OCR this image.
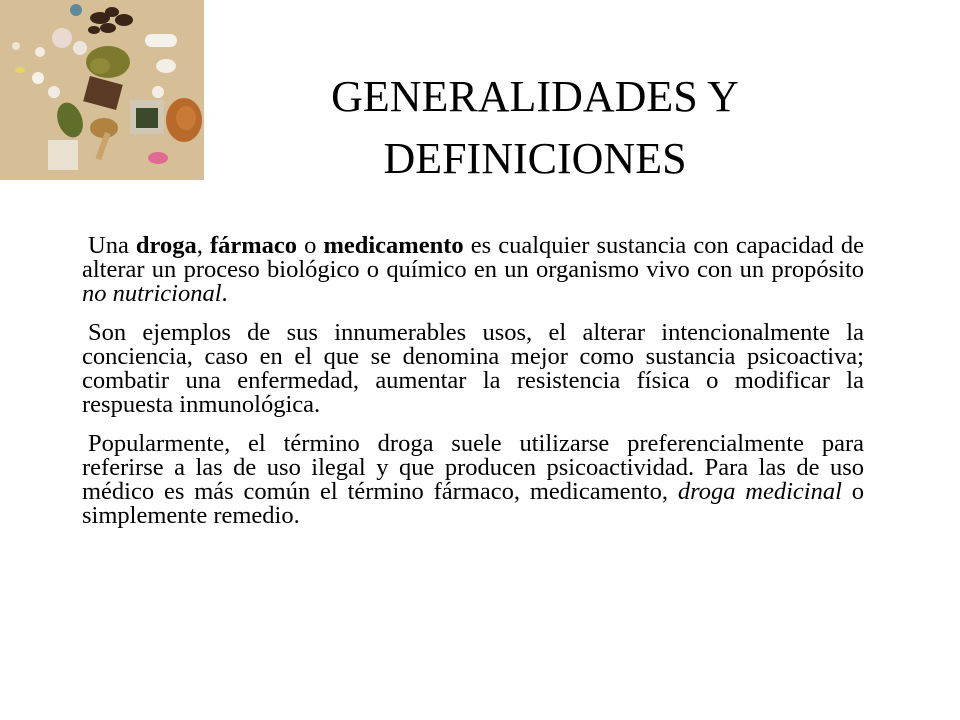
GENERALIDADES Y
DEFINICIONES

Una droga, fármaco o medicamento es cualquier sustancia con capacidad de alterar un proceso biológico o químico en un organismo vivo con un propósito no nutricional.

Son ejemplos de sus innumerables usos, el alterar intencionalmente la conciencia, caso en el que se denomina mejor como sustancia psicoactiva; combatir una enfermedad, aumentar la resistencia física o modificar la respuesta inmunológica.

Popularmente, el término droga suele utilizarse preferencialmente para referirse a las de uso ilegal y que producen psicoactividad. Para las de uso médico es más común el término fármaco, medicamento, droga medicinal o simplemente remedio.
